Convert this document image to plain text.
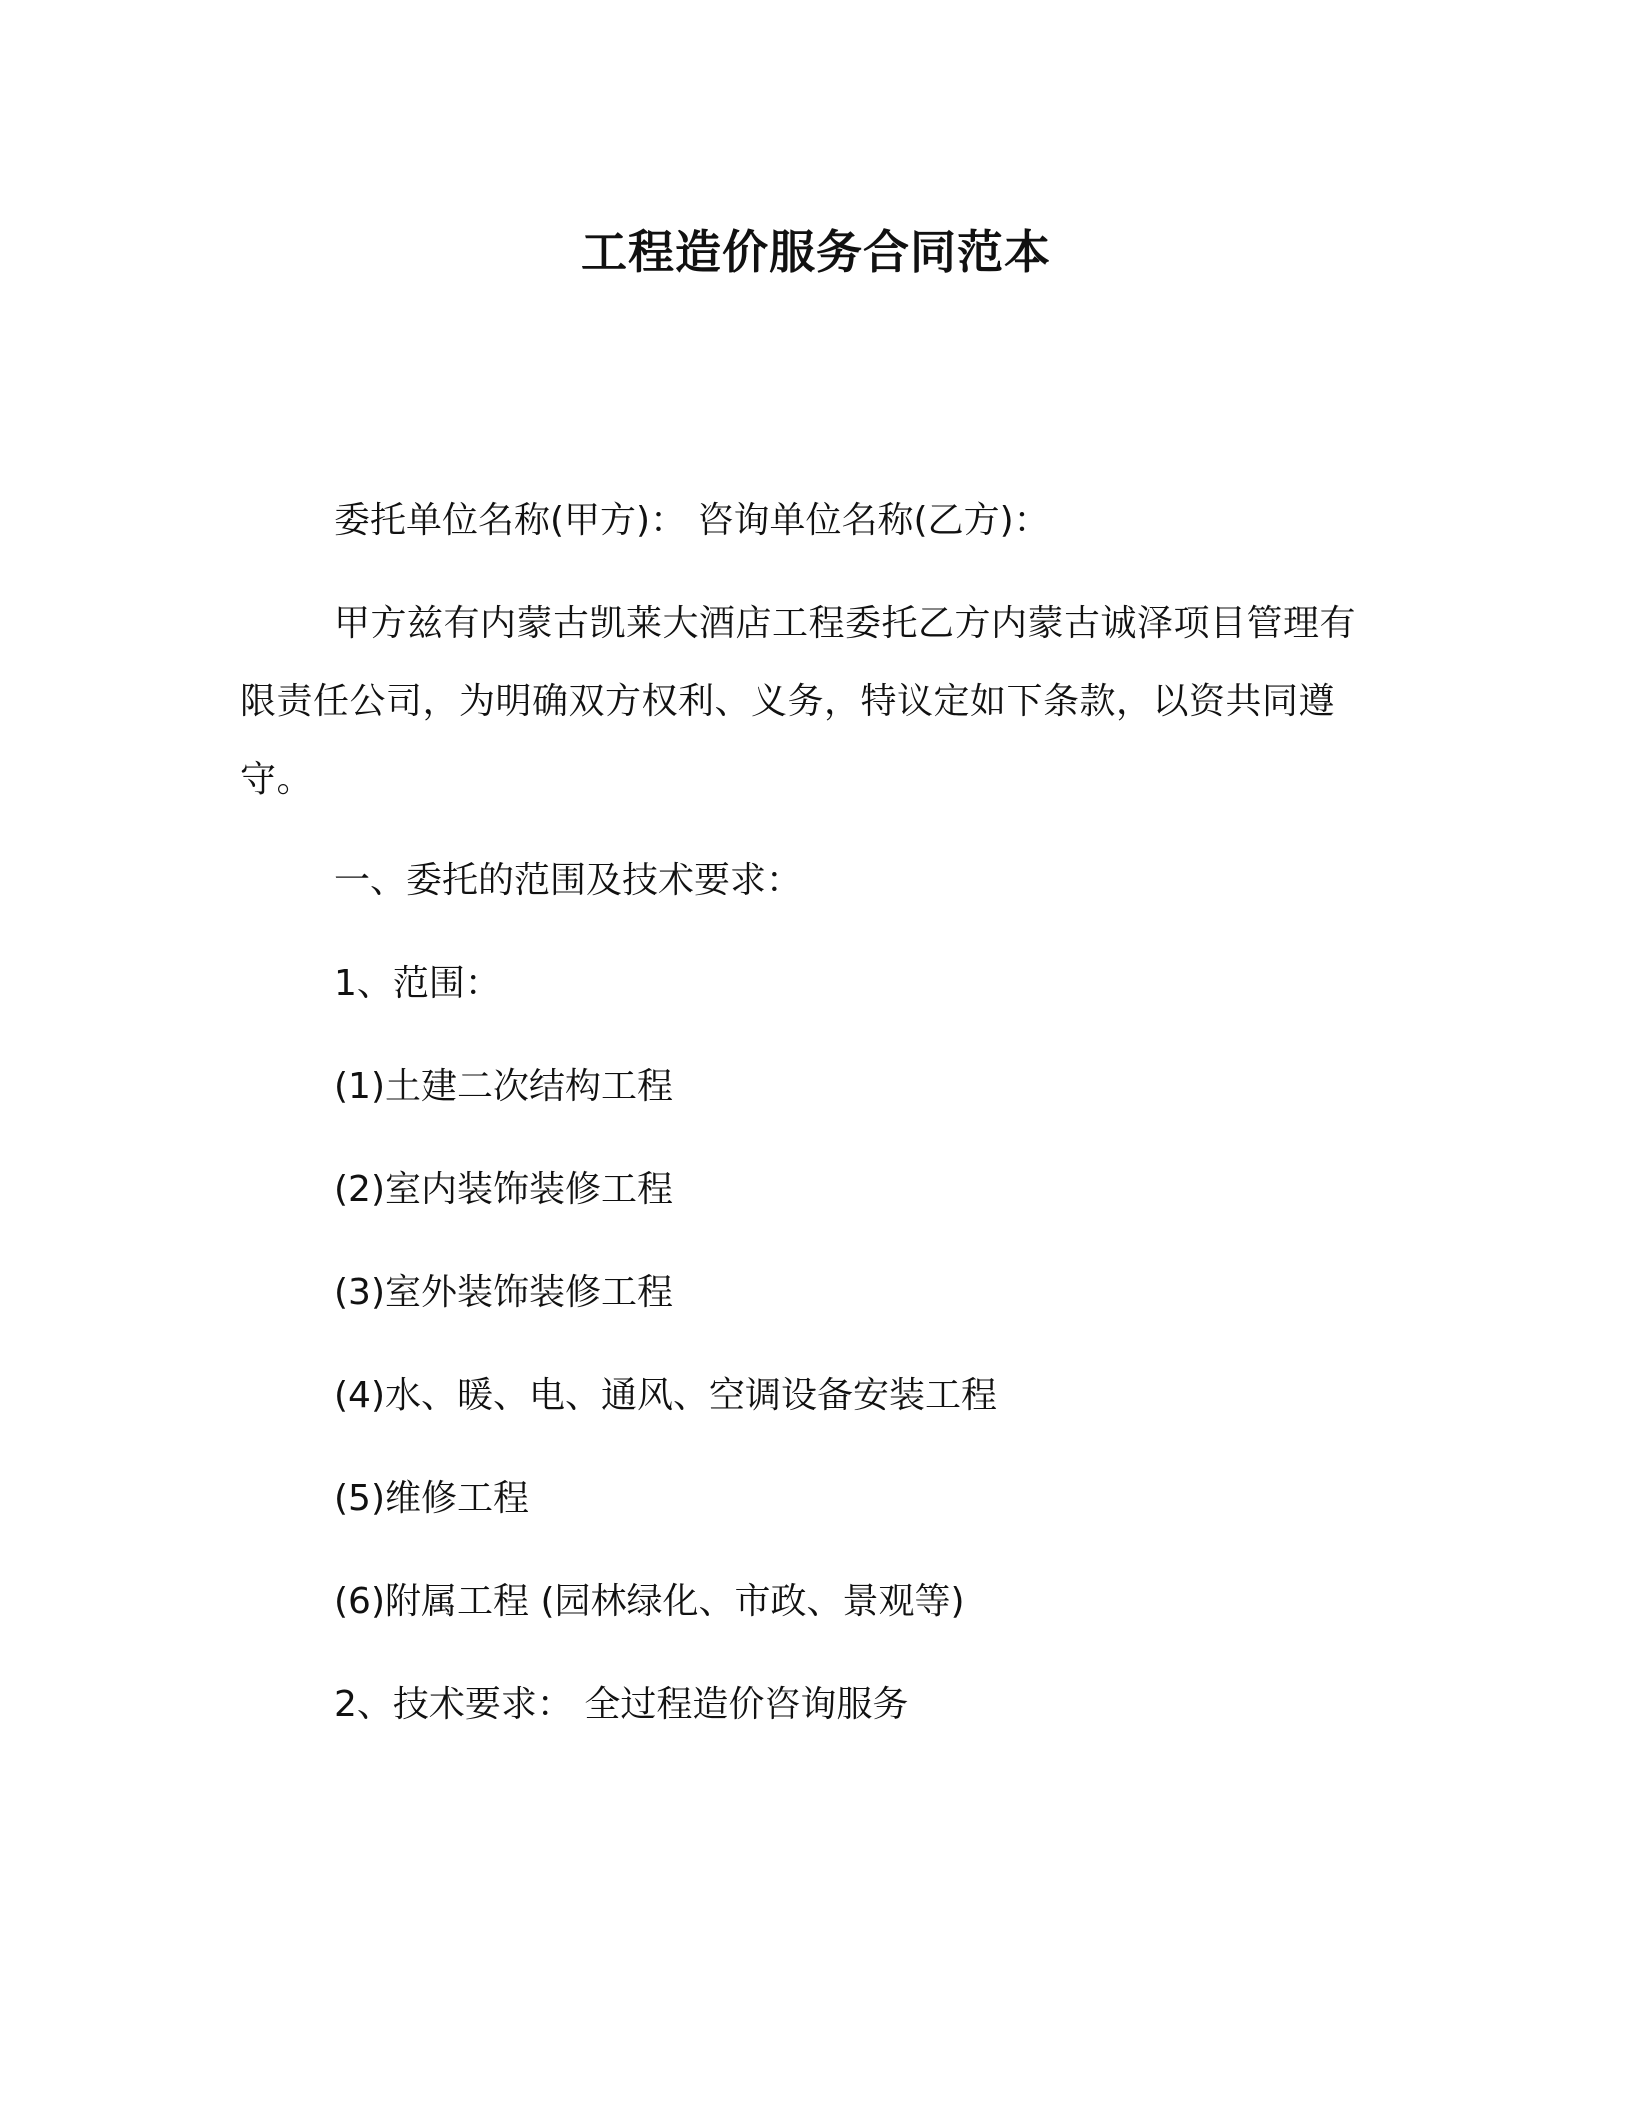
工程造价服务合同范本
委托单位名称(甲方)： 咨询单位名称(乙方)：
甲方兹有内蒙古凯莱大酒店工程委托乙方内蒙古诚泽项目管理有限责任公司，为明确双方权利、义务，特议定如下条款，以资共同遵守。
一、委托的范围及技术要求：
1、范围：
(1)土建二次结构工程
(2)室内装饰装修工程
(3)室外装饰装修工程
(4)水、暖、电、通风、空调设备安装工程
(5)维修工程
(6)附属工程 (园林绿化、市政、景观等)
2、技术要求： 全过程造价咨询服务
